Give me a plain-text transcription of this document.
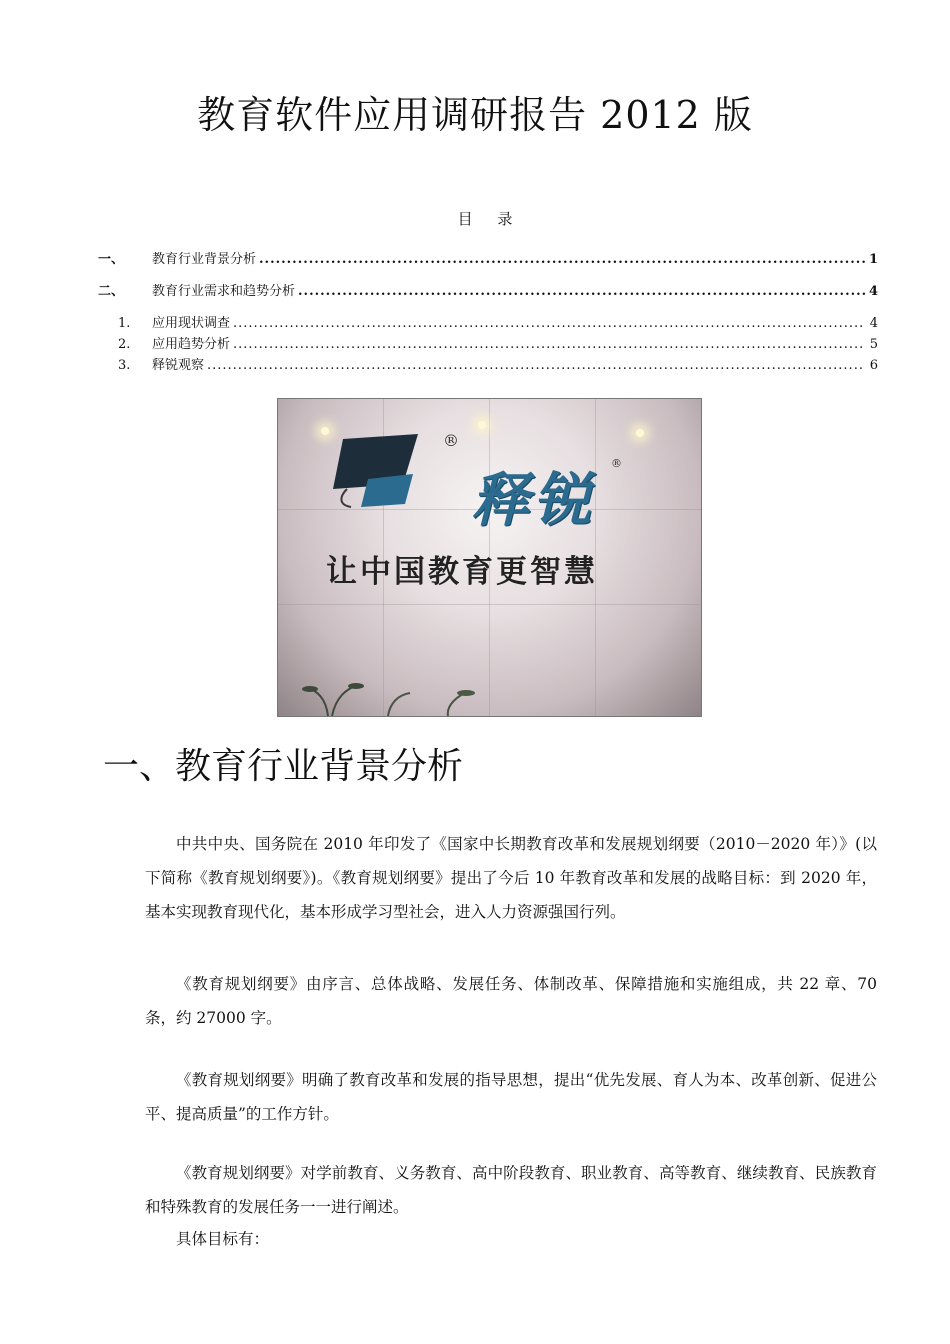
教育软件应用调研报告 2012 版
目 录
一、	教育行业背景分析 .....	1
二、	教育行业需求和趋势分析 .....	4
1.	应用现状调查 .....	4
2.	应用趋势分析 .....	5
3.	释锐观察 .....	6
®
释锐
®
让中国教育更智慧
一、教育行业背景分析

中共中央、国务院在 2010 年印发了《国家中长期教育改革和发展规划纲要（2010－2020 年）》(以下简称《教育规划纲要》)。《教育规划纲要》提出了今后 10 年教育改革和发展的战略目标：到 2020 年，基本实现教育现代化，基本形成学习型社会，进入人力资源强国行列。

《教育规划纲要》由序言、总体战略、发展任务、体制改革、保障措施和实施组成，共 22 章、70 条，约 27000 字。

《教育规划纲要》明确了教育改革和发展的指导思想，提出“优先发展、育人为本、改革创新、促进公平、提高质量”的工作方针。

《教育规划纲要》对学前教育、义务教育、高中阶段教育、职业教育、高等教育、继续教育、民族教育和特殊教育的发展任务一一进行阐述。

具体目标有：
